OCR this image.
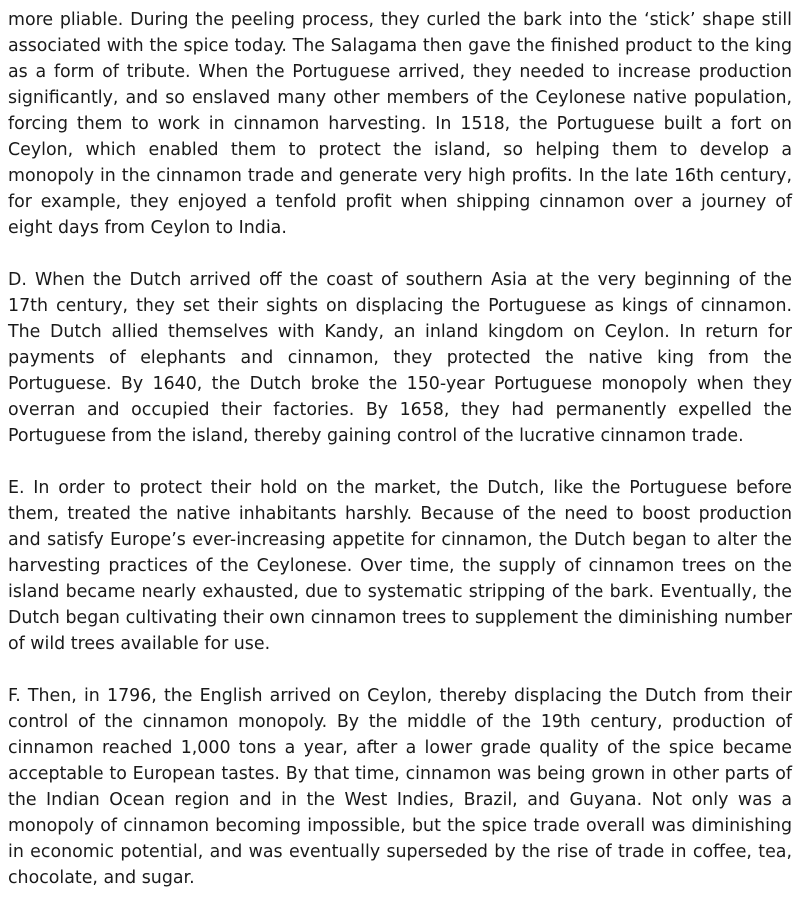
more pliable. During the peeling process, they curled the bark into the ‘stick’ shape still associated with the spice today. The Salagama then gave the finished product to the king as a form of tribute. When the Portuguese arrived, they needed to increase production significantly, and so enslaved many other members of the Ceylonese native population, forcing them to work in cinnamon harvesting. In 1518, the Portuguese built a fort on Ceylon, which enabled them to protect the island, so helping them to develop a monopoly in the cinnamon trade and generate very high profits. In the late 16th century, for example, they enjoyed a tenfold profit when shipping cinnamon over a journey of eight days from Ceylon to India.

D. When the Dutch arrived off the coast of southern Asia at the very beginning of the 17th century, they set their sights on displacing the Portuguese as kings of cinnamon. The Dutch allied themselves with Kandy, an inland kingdom on Ceylon. In return for payments of elephants and cinnamon, they protected the native king from the Portuguese. By 1640, the Dutch broke the 150-year Portuguese monopoly when they overran and occupied their factories. By 1658, they had permanently expelled the Portuguese from the island, thereby gaining control of the lucrative cinnamon trade.

E. In order to protect their hold on the market, the Dutch, like the Portuguese before them, treated the native inhabitants harshly. Because of the need to boost production and satisfy Europe’s ever-increasing appetite for cinnamon, the Dutch began to alter the harvesting practices of the Ceylonese. Over time, the supply of cinnamon trees on the island became nearly exhausted, due to systematic stripping of the bark. Eventually, the Dutch began cultivating their own cinnamon trees to supplement the diminishing number of wild trees available for use.

F. Then, in 1796, the English arrived on Ceylon, thereby displacing the Dutch from their control of the cinnamon monopoly. By the middle of the 19th century, production of cinnamon reached 1,000 tons a year, after a lower grade quality of the spice became acceptable to European tastes. By that time, cinnamon was being grown in other parts of the Indian Ocean region and in the West Indies, Brazil, and Guyana. Not only was a monopoly of cinnamon becoming impossible, but the spice trade overall was diminishing in economic potential, and was eventually superseded by the rise of trade in coffee, tea, chocolate, and sugar.
